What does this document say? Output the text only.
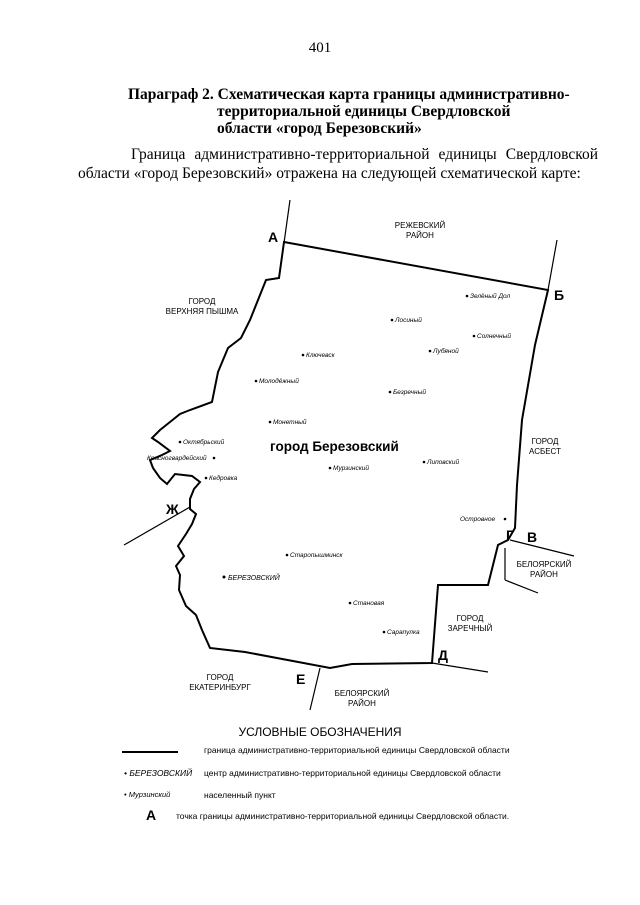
401
Параграф 2. Схематическая карта границы административно-
территориальной единицы Свердловской
области «город Березовский»
Граница административно-территориальной единицы Свердловской области «город Березовский» отражена на следующей схематической карте:
город Березовский
РЕЖЕВСКИЙ РАЙОН
ГОРОД ВЕРХНЯЯ ПЫШМА
ГОРОД АСБЕСТ
БЕЛОЯРСКИЙ РАЙОН
ГОРОД ЗАРЕЧНЫЙ
БЕЛОЯРСКИЙ РАЙОН
ГОРОД ЕКАТЕРИНБУРГ
А
Б
В
Г
Д
Е
Ж
Зелёный Дол
Лосиный
Солнечный
Лубяной
Ключевск
Молодёжный
Безречный
Монетный
Октябрьский
Красногвардейский
Кедровка
Мурзинский
Липовский
Островное
Старопышминск
Становая
Сарапулка
БЕРЕЗОВСКИЙ
УСЛОВНЫЕ ОБОЗНАЧЕНИЯ
граница административно-территориальной единицы Свердловской области
• БЕРЕЗОВСКИЙ центр административно-территориальной единицы Свердловской области
• Мурзинский	населенный пункт
А точка границы административно-территориальной единицы Свердловской области.
